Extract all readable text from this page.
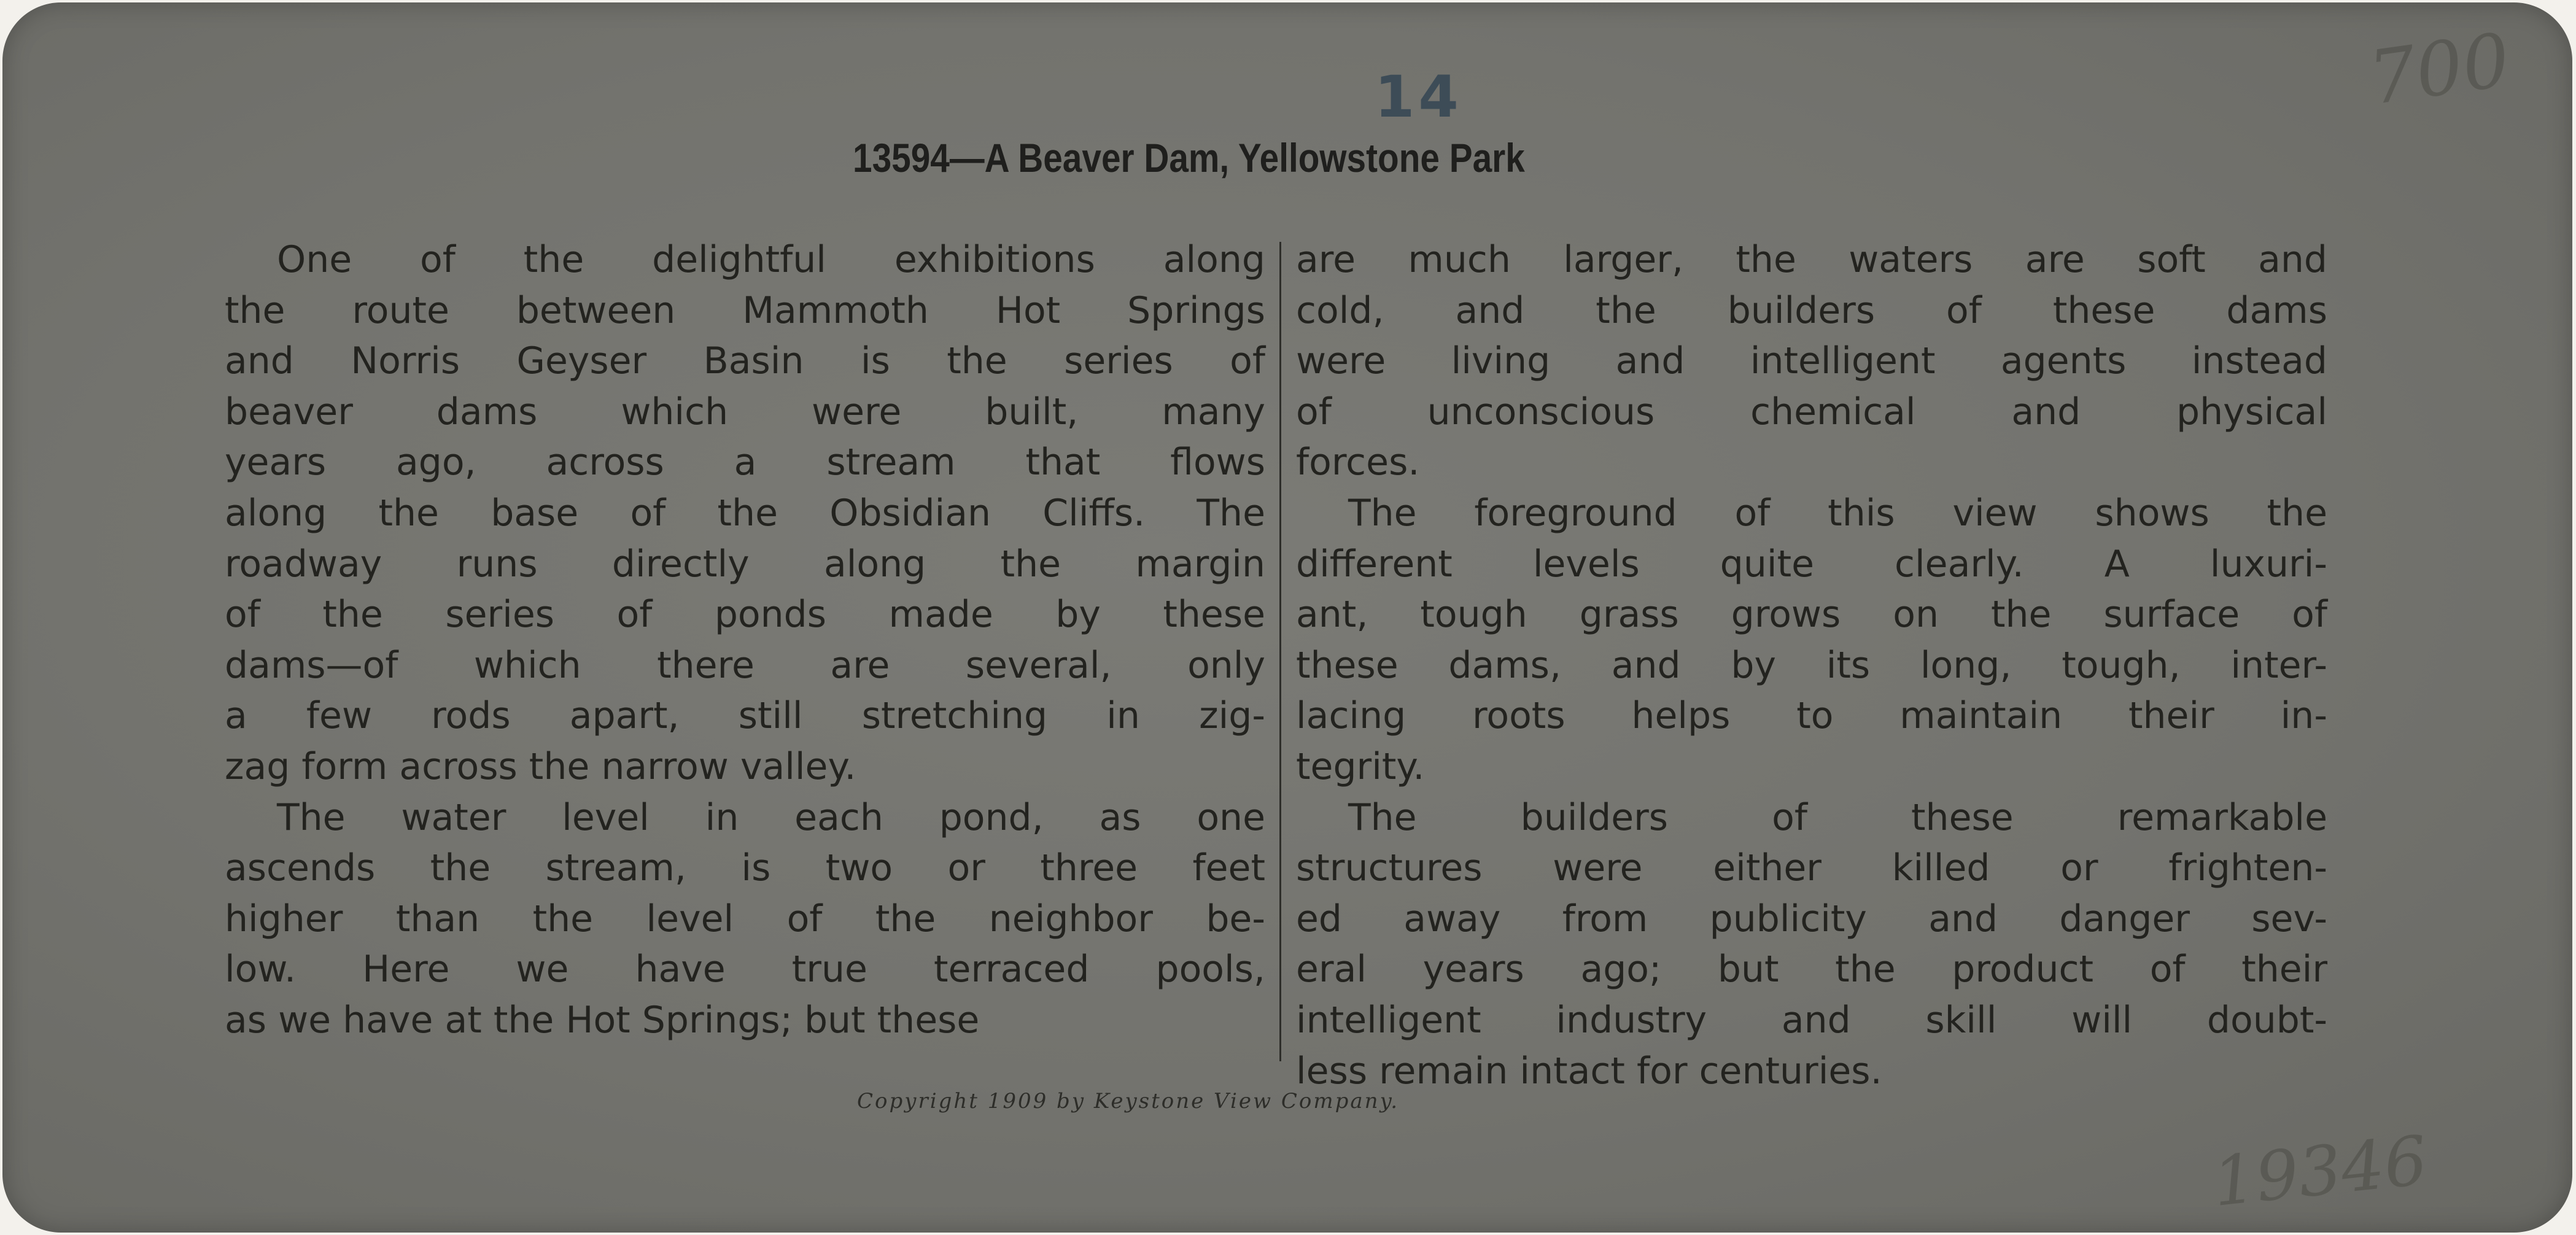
14
13594—A Beaver Dam, Yellowstone Park
One of the delightful exhibitions along
the route between Mammoth Hot Springs
and Norris Geyser Basin is the series of
beaver dams which were built, many
years ago, across a stream that flows
along the base of the Obsidian Cliffs. The
roadway runs directly along the margin
of the series of ponds made by these
dams—of which there are several, only
a few rods apart, still stretching in zig-
zag form across the narrow valley.
The water level in each pond, as one
ascends the stream, is two or three feet
higher than the level of the neighbor be-
low. Here we have true terraced pools,
as we have at the Hot Springs; but these
are much larger, the waters are soft and
cold, and the builders of these dams
were living and intelligent agents instead
of unconscious chemical and physical
forces.
The foreground of this view shows the
different levels quite clearly. A luxuri-
ant, tough grass grows on the surface of
these dams, and by its long, tough, inter-
lacing roots helps to maintain their in-
tegrity.
The builders of these remarkable
structures were either killed or frighten-
ed away from publicity and danger sev-
eral years ago; but the product of their
intelligent industry and skill will doubt-
less remain intact for centuries.
Copyright 1909 by Keystone View Company.
700
19346
